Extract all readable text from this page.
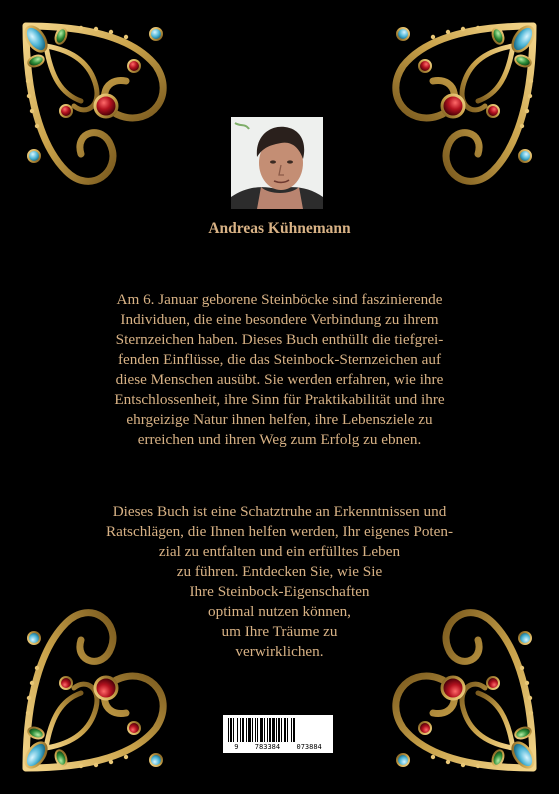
Andreas Kühnemann
Am 6. Januar geborene Steinböcke sind faszinierende
Individuen, die eine besondere Verbindung zu ihrem
Sternzeichen haben. Dieses Buch enthüllt die tiefgrei-
fenden Einflüsse, die das Steinbock-Sternzeichen auf
diese Menschen ausübt. Sie werden erfahren, wie ihre
Entschlossenheit, ihre Sinn für Praktikabilität und ihre
ehrgeizige Natur ihnen helfen, ihre Lebensziele zu
erreichen und ihren Weg zum Erfolg zu ebnen.
Dieses Buch ist eine Schatztruhe an Erkenntnissen und
Ratschlägen, die Ihnen helfen werden, Ihr eigenes Poten-
zial zu entfalten und ein erfülltes Leben
zu führen. Entdecken Sie, wie Sie
Ihre Steinbock-Eigenschaften
optimal nutzen können,
um Ihre Träume zu
verwirklichen.
9 783384 073884
